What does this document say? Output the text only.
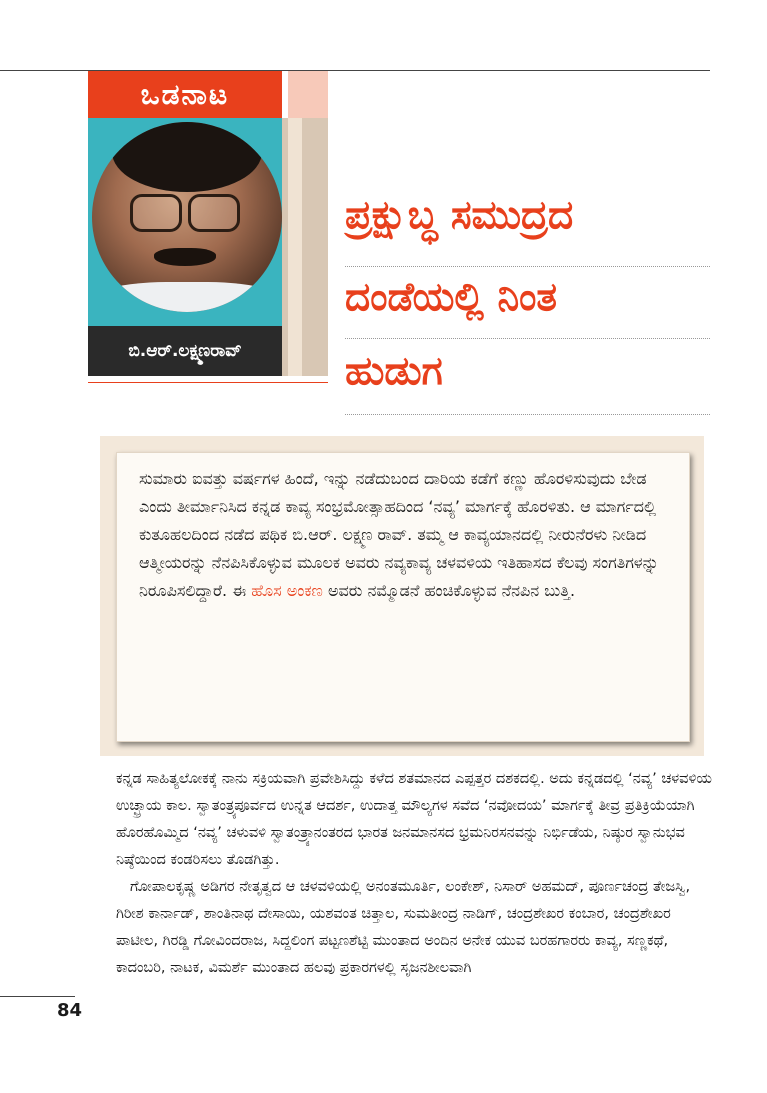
ಒಡನಾಟ
ಬಿ.ಆರ್.ಲಕ್ಷ್ಮಣರಾವ್
ಪ್ರಕ್ಷುಬ್ಧ ಸಮುದ್ರದ
ದಂಡೆಯಲ್ಲಿ ನಿಂತ
ಹುಡುಗ

ಸುಮಾರು ಐವತ್ತು ವರ್ಷಗಳ ಹಿಂದೆ, ಇನ್ನು ನಡೆದುಬಂದ ದಾರಿಯ ಕಡೆಗೆ ಕಣ್ಣು ಹೊರಳಿಸುವುದು ಬೇಡ ಎಂದು ತೀರ್ಮಾನಿಸಿದ ಕನ್ನಡ ಕಾವ್ಯ ಸಂಭ್ರಮೋತ್ಸಾಹದಿಂದ ‘ನವ್ಯ’ ಮಾರ್ಗಕ್ಕೆ ಹೊರಳಿತು. ಆ ಮಾರ್ಗದಲ್ಲಿ ಕುತೂಹಲದಿಂದ ನಡೆದ ಪಥಿಕ ಬಿ.ಆರ್. ಲಕ್ಷ್ಮಣ ರಾವ್. ತಮ್ಮ ಆ ಕಾವ್ಯಯಾನದಲ್ಲಿ ನೀರುನೆರಳು ನೀಡಿದ ಆತ್ಮೀಯರನ್ನು ನೆನಪಿಸಿಕೊಳ್ಳುವ ಮೂಲಕ ಅವರು ನವ್ಯಕಾವ್ಯ ಚಳವಳಿಯ ಇತಿಹಾಸದ ಕೆಲವು ಸಂಗತಿಗಳನ್ನು ನಿರೂಪಿಸಲಿದ್ದಾರೆ. ಈ ಹೊಸ ಅಂಕಣ ಅವರು ನಮ್ಮೊಡನೆ ಹಂಚಿಕೊಳ್ಳುವ ನೆನಪಿನ ಬುತ್ತಿ.

ಕನ್ನಡ ಸಾಹಿತ್ಯಲೋಕಕ್ಕೆ ನಾನು ಸಕ್ರಿಯವಾಗಿ ಪ್ರವೇಶಿಸಿದ್ದು ಕಳೆದ ಶತಮಾನದ ಎಪ್ಪತ್ತರ ದಶಕದಲ್ಲಿ. ಅದು ಕನ್ನಡದಲ್ಲಿ ‘ನವ್ಯ’ ಚಳವಳಿಯ ಉಚ್ಛ್ರಾಯ ಕಾಲ. ಸ್ವಾತಂತ್ರ್ಯಪೂರ್ವದ ಉನ್ನತ ಆದರ್ಶ, ಉದಾತ್ತ ಮೌಲ್ಯಗಳ ಸವೆದ ‘ನವೋದಯ’ ಮಾರ್ಗಕ್ಕೆ ತೀವ್ರ ಪ್ರತಿಕ್ರಿಯೆಯಾಗಿ ಹೊರಹೊಮ್ಮಿದ ‘ನವ್ಯ’ ಚಳುವಳಿ ಸ್ವಾತಂತ್ರ್ಯಾನಂತರದ ಭಾರತ ಜನಮಾನಸದ ಭ್ರಮನಿರಸನವನ್ನು ನಿರ್ಭಿಡೆಯ, ನಿಷ್ಠುರ ಸ್ವಾನುಭವ ನಿಷ್ಠೆಯಿಂದ ಕಂಡರಿಸಲು ತೊಡಗಿತ್ತು.

ಗೋಪಾಲಕೃಷ್ಣ ಅಡಿಗರ ನೇತೃತ್ವದ ಆ ಚಳವಳಿಯಲ್ಲಿ ಅನಂತಮೂರ್ತಿ, ಲಂಕೇಶ್, ನಿಸಾರ್ ಅಹಮದ್, ಪೂರ್ಣಚಂದ್ರ ತೇಜಸ್ವಿ, ಗಿರೀಶ ಕಾರ್ನಾಡ್, ಶಾಂತಿನಾಥ ದೇಸಾಯಿ, ಯಶವಂತ ಚಿತ್ತಾಲ, ಸುಮತೀಂದ್ರ ನಾಡಿಗ್, ಚಂದ್ರಶೇಖರ ಕಂಬಾರ, ಚಂದ್ರಶೇಖರ ಪಾಟೀಲ, ಗಿರಡ್ಡಿ ಗೋವಿಂದರಾಜ, ಸಿದ್ದಲಿಂಗ ಪಟ್ಟಣಶೆಟ್ಟಿ ಮುಂತಾದ ಅಂದಿನ ಅನೇಕ ಯುವ ಬರಹಗಾರರು ಕಾವ್ಯ, ಸಣ್ಣಕಥೆ, ಕಾದಂಬರಿ, ನಾಟಕ, ವಿಮರ್ಶೆ ಮುಂತಾದ ಹಲವು ಪ್ರಕಾರಗಳಲ್ಲಿ ಸೃಜನಶೀಲವಾಗಿ

84
